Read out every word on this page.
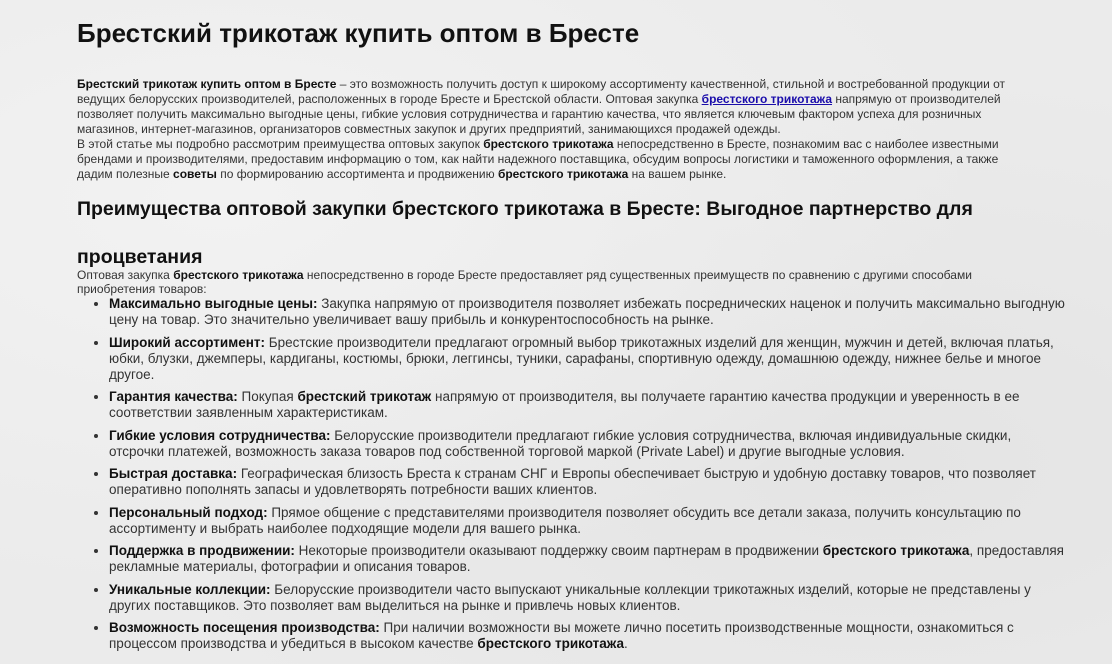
Брестский трикотаж купить оптом в Бресте

Брестский трикотаж купить оптом в Бресте – это возможность получить доступ к широкому ассортименту качественной, стильной и востребованной продукции от ведущих белорусских производителей, расположенных в городе Бресте и Брестской области. Оптовая закупка брестского трикотажа напрямую от производителей позволяет получить максимально выгодные цены, гибкие условия сотрудничества и гарантию качества, что является ключевым фактором успеха для розничных магазинов, интернет-магазинов, организаторов совместных закупок и других предприятий, занимающихся продажей одежды.

В этой статье мы подробно рассмотрим преимущества оптовых закупок брестского трикотажа непосредственно в Бресте, познакомим вас с наиболее известными брендами и производителями, предоставим информацию о том, как найти надежного поставщика, обсудим вопросы логистики и таможенного оформления, а также дадим полезные советы по формированию ассортимента и продвижению брестского трикотажа на вашем рынке.

Преимущества оптовой закупки брестского трикотажа в Бресте: Выгодное партнерство для процветания

Оптовая закупка брестского трикотажа непосредственно в городе Бресте предоставляет ряд существенных преимуществ по сравнению с другими способами приобретения товаров:

• Максимально выгодные цены: Закупка напрямую от производителя позволяет избежать посреднических наценок и получить максимально выгодную цену на товар. Это значительно увеличивает вашу прибыль и конкурентоспособность на рынке.
• Широкий ассортимент: Брестские производители предлагают огромный выбор трикотажных изделий для женщин, мужчин и детей, включая платья, юбки, блузки, джемперы, кардиганы, костюмы, брюки, леггинсы, туники, сарафаны, спортивную одежду, домашнюю одежду, нижнее белье и многое другое.
• Гарантия качества: Покупая брестский трикотаж напрямую от производителя, вы получаете гарантию качества продукции и уверенность в ее соответствии заявленным характеристикам.
• Гибкие условия сотрудничества: Белорусские производители предлагают гибкие условия сотрудничества, включая индивидуальные скидки, отсрочки платежей, возможность заказа товаров под собственной торговой маркой (Private Label) и другие выгодные условия.
• Быстрая доставка: Географическая близость Бреста к странам СНГ и Европы обеспечивает быструю и удобную доставку товаров, что позволяет оперативно пополнять запасы и удовлетворять потребности ваших клиентов.
• Персональный подход: Прямое общение с представителями производителя позволяет обсудить все детали заказа, получить консультацию по ассортименту и выбрать наиболее подходящие модели для вашего рынка.
• Поддержка в продвижении: Некоторые производители оказывают поддержку своим партнерам в продвижении брестского трикотажа, предоставляя рекламные материалы, фотографии и описания товаров.
• Уникальные коллекции: Белорусские производители часто выпускают уникальные коллекции трикотажных изделий, которые не представлены у других поставщиков. Это позволяет вам выделиться на рынке и привлечь новых клиентов.
• Возможность посещения производства: При наличии возможности вы можете лично посетить производственные мощности, ознакомиться с процессом производства и убедиться в высоком качестве брестского трикотажа.
